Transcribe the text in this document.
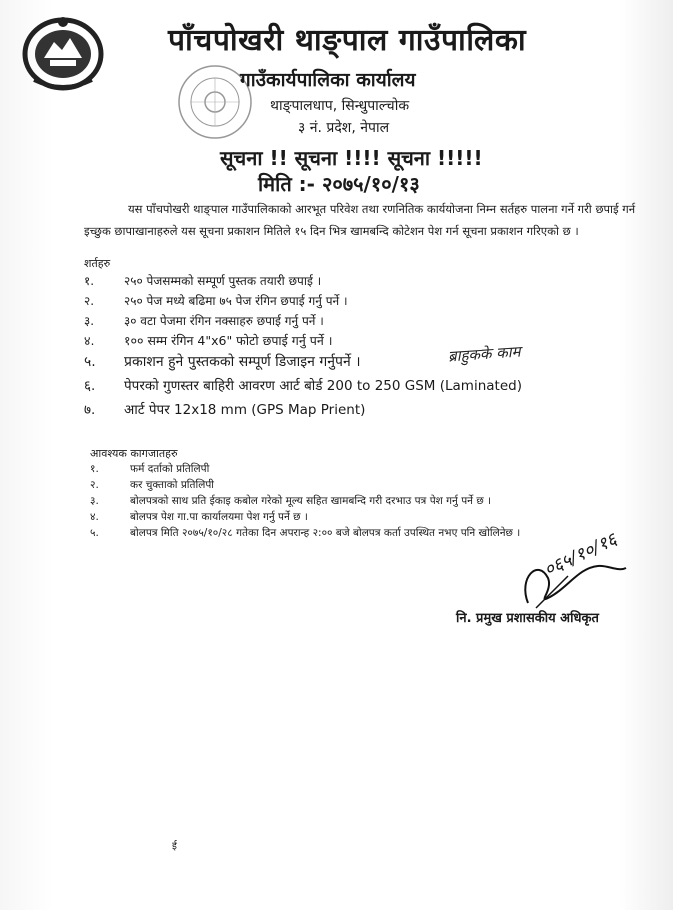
पाँचपोखरी थाङ्पाल गाउँपालिका
गाउँकार्यपालिका कार्यालय
थाङ्पालधाप, सिन्धुपाल्चोक
३ नं. प्रदेश, नेपाल
सूचना !! सूचना !!!! सूचना !!!!!
मिति :- २०७५/१०/१३
यस पाँचपोखरी थाङ्पाल गाउँपालिकाको आरभूत परिवेश तथा रणनितिक कार्ययोजना निम्न सर्तहरु पालना गर्ने गरी छपाई गर्न इच्छुक छापाखानाहरुले यस सूचना प्रकाशन मितिले १५ दिन भित्र खामबन्दि कोटेशन पेश गर्न सूचना प्रकाशन गरिएको छ ।
शर्तहरु
१. २५० पेजसम्मको सम्पूर्ण पुस्तक तयारी छपाई ।
२. २५० पेज मध्ये बढिमा ७५ पेज रंगिन छपाई गर्नु पर्ने ।
३. ३० वटा पेजमा रंगिन नक्साहरु छपाई गर्नु पर्ने ।
४. १०० सम्म रंगिन 4"x6" फोटो छपाई गर्नु पर्ने ।
५. प्रकाशन हुने पुस्तकको सम्पूर्ण डिजाइन गर्नुपर्ने ।	ब्राहुकके काम
६. पेपरको गुणस्तर बाहिरी आवरण आर्ट बोर्ड 200 to 250 GSM (Laminated)
७. आर्ट पेपर 12x18 mm (GPS Map Prient)
आवश्यक कागजातहरु
१.	फर्म दर्ताको प्रतिलिपी
२.	कर चुक्ताको प्रतिलिपी
३.	बोलपत्रको साथ प्रति ईकाइ कबोल गरेको मूल्य सहित खामबन्दि गरी दरभाउ पत्र पेश गर्नु पर्ने छ ।
४.	बोलपत्र पेश गा.पा कार्यालयमा पेश गर्नु पर्ने छ ।
५.	बोलपत्र मिति २०७५/१०/२८ गतेका दिन अपरान्ह २:०० बजे बोलपत्र कर्ता उपस्थित नभए पनि खोलिनेछ । ०६५/१०/१६
नि. प्रमुख प्रशासकीय अधिकृत
ई
